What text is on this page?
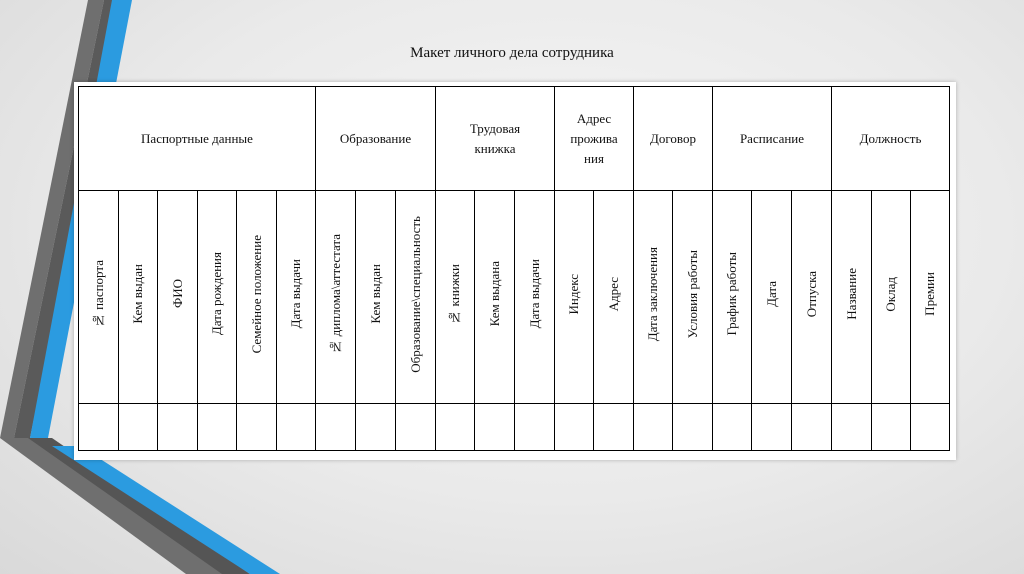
Макет личного дела сотрудника
Паспортные данные						Образование			Трудовая книжка			Адрес прожива ния		Договор		Расписание			Должность		
№ паспорта	Кем выдан	ФИО	Дата рождения	Семейное положение	Дата выдачи	№ диплома\аттестата	Кем выдан	Образование\специальность	№ книжки	Кем выдана	Дата выдачи	Индекс	Адрес	Дата заключения	Условия работы	График работы	Дата	Отпуска	Название	Оклад	Премии
